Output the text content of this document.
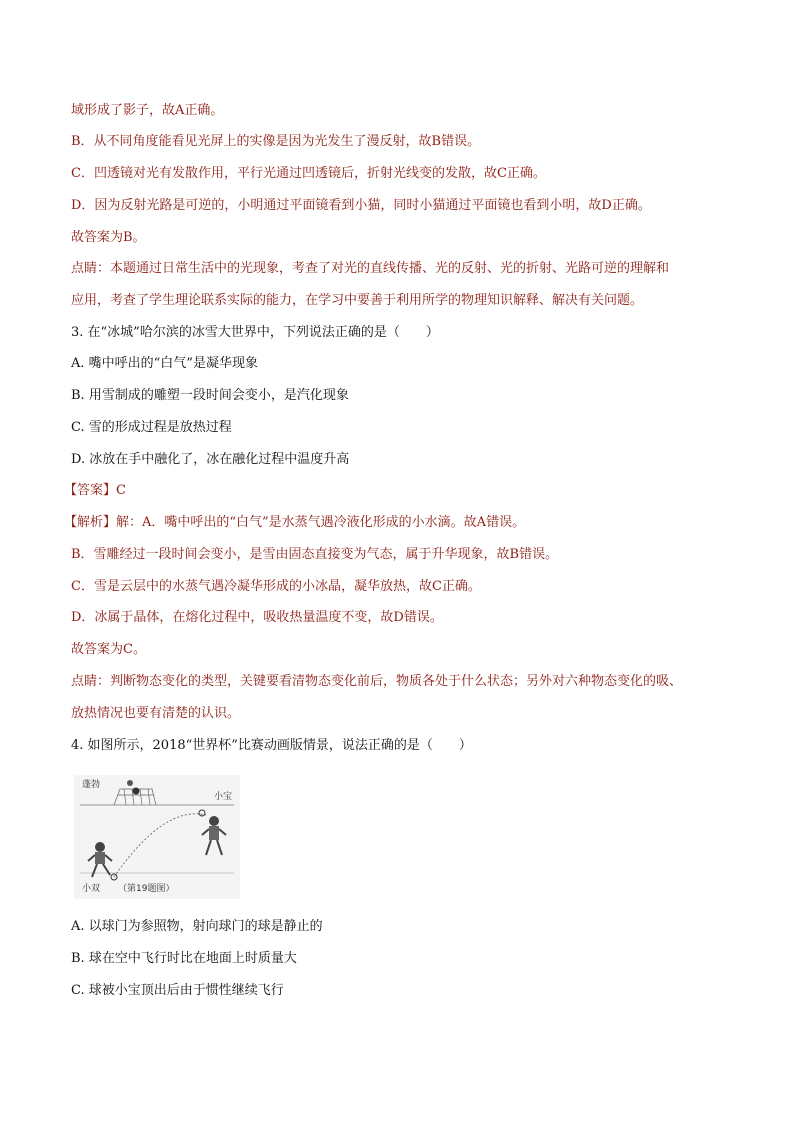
域形成了影子，故A正确。
B．从不同角度能看见光屏上的实像是因为光发生了漫反射，故B错误。
C．凹透镜对光有发散作用，平行光通过凹透镜后，折射光线变的发散，故C正确。
D．因为反射光路是可逆的，小明通过平面镜看到小猫，同时小猫通过平面镜也看到小明，故D正确。
故答案为B。
点睛：本题通过日常生活中的光现象，考查了对光的直线传播、光的反射、光的折射、光路可逆的理解和
应用，考查了学生理论联系实际的能力，在学习中要善于利用所学的物理知识解释、解决有关问题。
3. 在“冰城”哈尔滨的冰雪大世界中，下列说法正确的是（　　）
A. 嘴中呼出的“白气”是凝华现象
B. 用雪制成的雕塑一段时间会变小，是汽化现象
C. 雪的形成过程是放热过程
D. 冰放在手中融化了，冰在融化过程中温度升高
【答案】C
【解析】解：A．嘴中呼出的“白气”是水蒸气遇冷液化形成的小水滴。故A错误。
B．雪雕经过一段时间会变小，是雪由固态直接变为气态，属于升华现象，故B错误。
C．雪是云层中的水蒸气遇冷凝华形成的小冰晶，凝华放热，故C正确。
D．冰属于晶体，在熔化过程中，吸收热量温度不变，故D错误。
故答案为C。
点睛：判断物态变化的类型，关键要看清物态变化前后，物质各处于什么状态；另外对六种物态变化的吸、
放热情况也要有清楚的认识。
4. 如图所示，2018“世界杯”比赛动画版情景，说法正确的是（　　）
蓬勃
小宝
小双 （第19题图）
A. 以球门为参照物，射向球门的球是静止的
B. 球在空中飞行时比在地面上时质量大
C. 球被小宝顶出后由于惯性继续飞行
